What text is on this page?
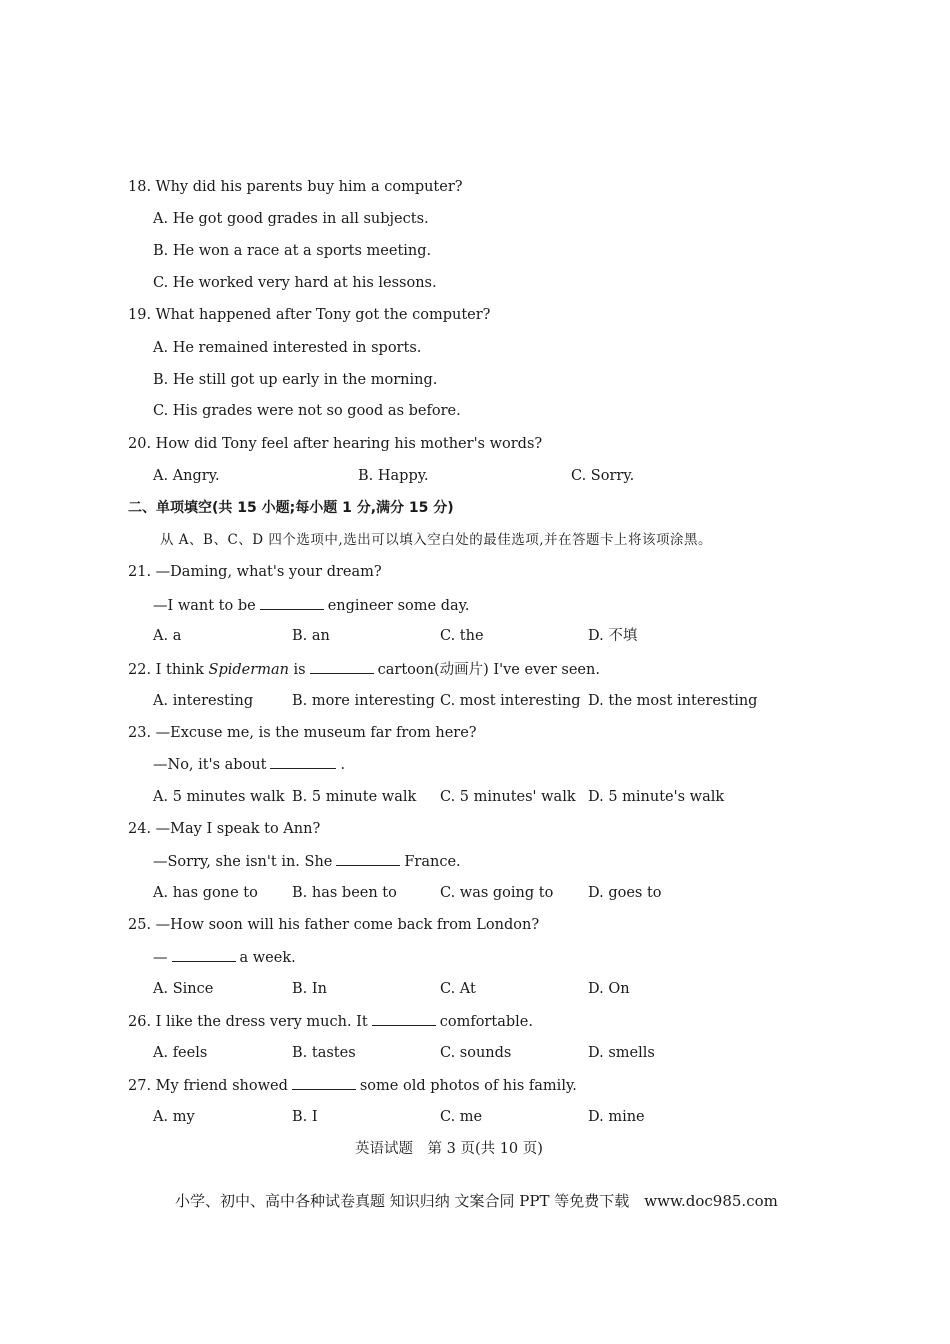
18. Why did his parents buy him a computer?
A. He got good grades in all subjects.
B. He won a race at a sports meeting.
C. He worked very hard at his lessons.
19. What happened after Tony got the computer?
A. He remained interested in sports.
B. He still got up early in the morning.
C. His grades were not so good as before.
20. How did Tony feel after hearing his mother's words?
A. Angry.	B. Happy.	C. Sorry.
二、单项填空(共 15 小题;每小题 1 分,满分 15 分)
从 A、B、C、D 四个选项中,选出可以填入空白处的最佳选项,并在答题卡上将该项涂黑。
21. —Daming, what's your dream?
—I want to be	engineer some day.
A. a	B. an	C. the	D. 不填
22. I think Spiderman is	cartoon(动画片) I've ever seen.
A. interesting	B. more interesting C. most interesting D. the most interesting
23. —Excuse me, is the museum far from here?
—No, it's about	.
A. 5 minutes walk B. 5 minute walk C. 5 minutes' walk D. 5 minute's walk
24. —May I speak to Ann?
—Sorry, she isn't in. She	France.
A. has gone to B. has been to	C. was going to D. goes to
25. —How soon will his father come back from London?
—	a week.
A. Since	B. In	C. At	D. On
26. I like the dress very much. It	comfortable.
A. feels	B. tastes	C. sounds	D. smells
27. My friend showed	some old photos of his family.
A. my	B. I	C. me	D. mine
英语试题　第 3 页(共 10 页)
小学、初中、高中各种试卷真题 知识归纳 文案合同 PPT 等免费下载　www.doc985.com
